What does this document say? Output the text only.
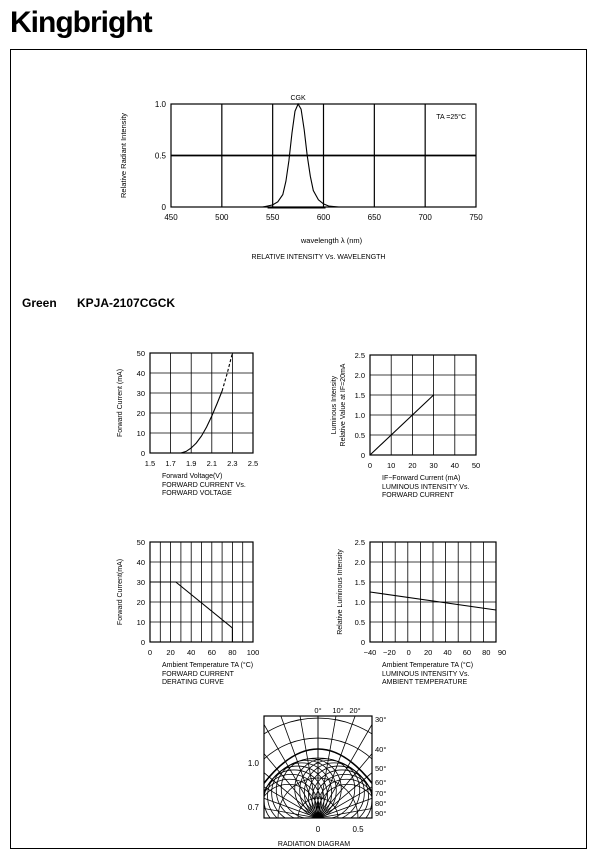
Kingbright
Green KPJA-2107CGCK
450	500	550	600	650	700	750
0
0.5
1.0
wavelength λ (nm)
CGK
TA =25°C
RELATIVE INTENSITY Vs. WAVELENGTH
Relative Radiant Intensity
1.5 1.7 1.9 2.1 2.3 2.5
0
10
20
30
40
50
Forward Voltage(V)
FORWARD CURRENT Vs.
FORWARD VOLTAGE
Forward Current (mA)
0 10 20 30 40 50
0
0.5
1.0
1.5
2.0
2.5
IF−Forward Current (mA)
LUMINOUS INTENSITY Vs.
FORWARD CURRENT
Luminous Intensity Relative Value at IF=20mA
0 20 40 60 80 100
0
10
20
30
40
50
Ambient Temperature TA (°C)
FORWARD CURRENT
DERATING CURVE
Forward Current(mA)
−40 −20 0 20 40 60 80 90
0
0.5
1.0
1.5
2.0
2.5
Ambient Temperature TA (°C)
LUMINOUS INTENSITY Vs.
AMBIENT TEMPERATURE
Relative Luminous Intensity
0° 10° 20°
30°
40°
50°
60°
70°
80°
90°
1.0
0.7
0	0.5
RADIATION DIAGRAM
